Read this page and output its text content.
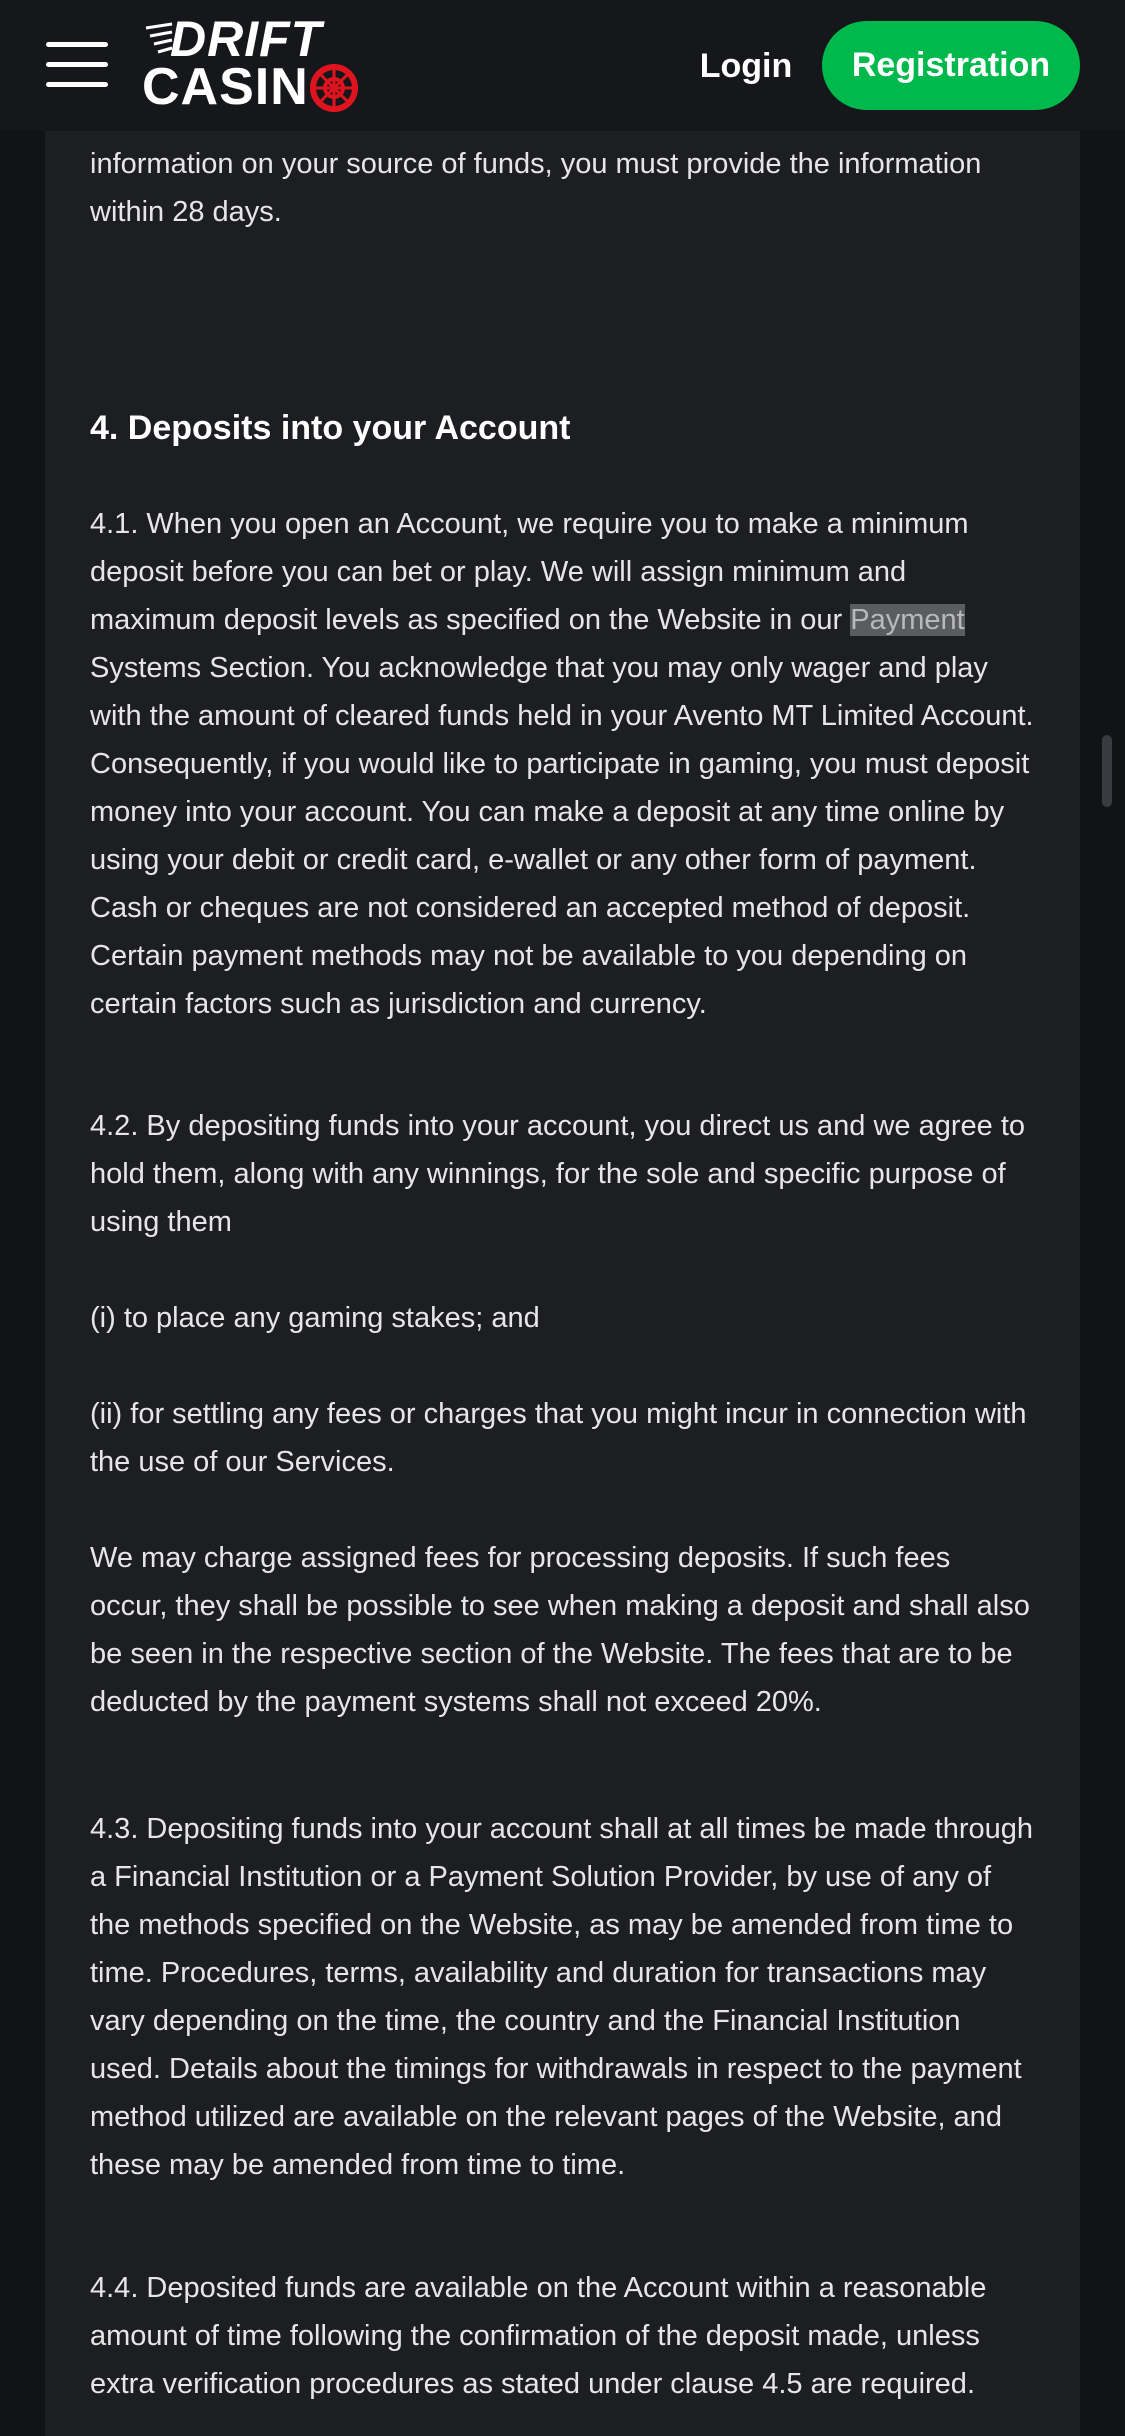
DRIFT
CASIN	Login	Registration

information on your source of funds, you must provide the information within 28 days.

4. Deposits into your Account

4.1. When you open an Account, we require you to make a minimum deposit before you can bet or play. We will assign minimum and maximum deposit levels as specified on the Website in our Payment Systems Section. You acknowledge that you may only wager and play with the amount of cleared funds held in your Avento MT Limited Account. Consequently, if you would like to participate in gaming, you must deposit money into your account. You can make a deposit at any time online by using your debit or credit card, e-wallet or any other form of payment. Cash or cheques are not considered an accepted method of deposit. Certain payment methods may not be available to you depending on certain factors such as jurisdiction and currency.

4.2. By depositing funds into your account, you direct us and we agree to hold them, along with any winnings, for the sole and specific purpose of using them

(i) to place any gaming stakes; and

(ii) for settling any fees or charges that you might incur in connection with the use of our Services.

We may charge assigned fees for processing deposits. If such fees occur, they shall be possible to see when making a deposit and shall also be seen in the respective section of the Website. The fees that are to be deducted by the payment systems shall not exceed 20%.

4.3. Depositing funds into your account shall at all times be made through a Financial Institution or a Payment Solution Provider, by use of any of the methods specified on the Website, as may be amended from time to time. Procedures, terms, availability and duration for transactions may vary depending on the time, the country and the Financial Institution used. Details about the timings for withdrawals in respect to the payment method utilized are available on the relevant pages of the Website, and these may be amended from time to time.

4.4. Deposited funds are available on the Account within a reasonable amount of time following the confirmation of the deposit made, unless extra verification procedures as stated under clause 4.5 are required.
